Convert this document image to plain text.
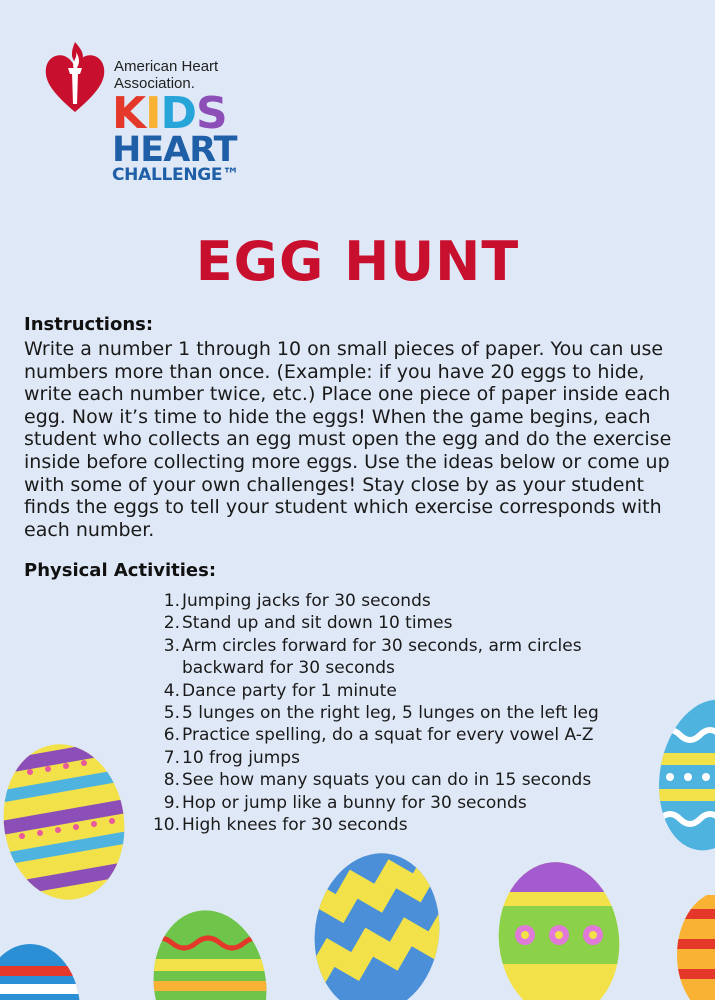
American Heart
Association.
KIDS
HEART
CHALLENGE™
EGG HUNT
Instructions:

Write a number 1 through 10 on small pieces of paper. You can use numbers more than once. (Example: if you have 20 eggs to hide, write each number twice, etc.) Place one piece of paper inside each egg. Now it’s time to hide the eggs! When the game begins, each student who collects an egg must open the egg and do the exercise inside before collecting more eggs. Use the ideas below or come up with some of your own challenges! Stay close by as your student finds the eggs to tell your student which exercise corresponds with each number.

Physical Activities:
1. Jumping jacks for 30 seconds
2. Stand up and sit down 10 times
3. Arm circles forward for 30 seconds, arm circles backward for 30 seconds
4. Dance party for 1 minute
5. 5 lunges on the right leg, 5 lunges on the left leg
6. Practice spelling, do a squat for every vowel A-Z
7. 10 frog jumps
8. See how many squats you can do in 15 seconds
9. Hop or jump like a bunny for 30 seconds
10. High knees for 30 seconds
